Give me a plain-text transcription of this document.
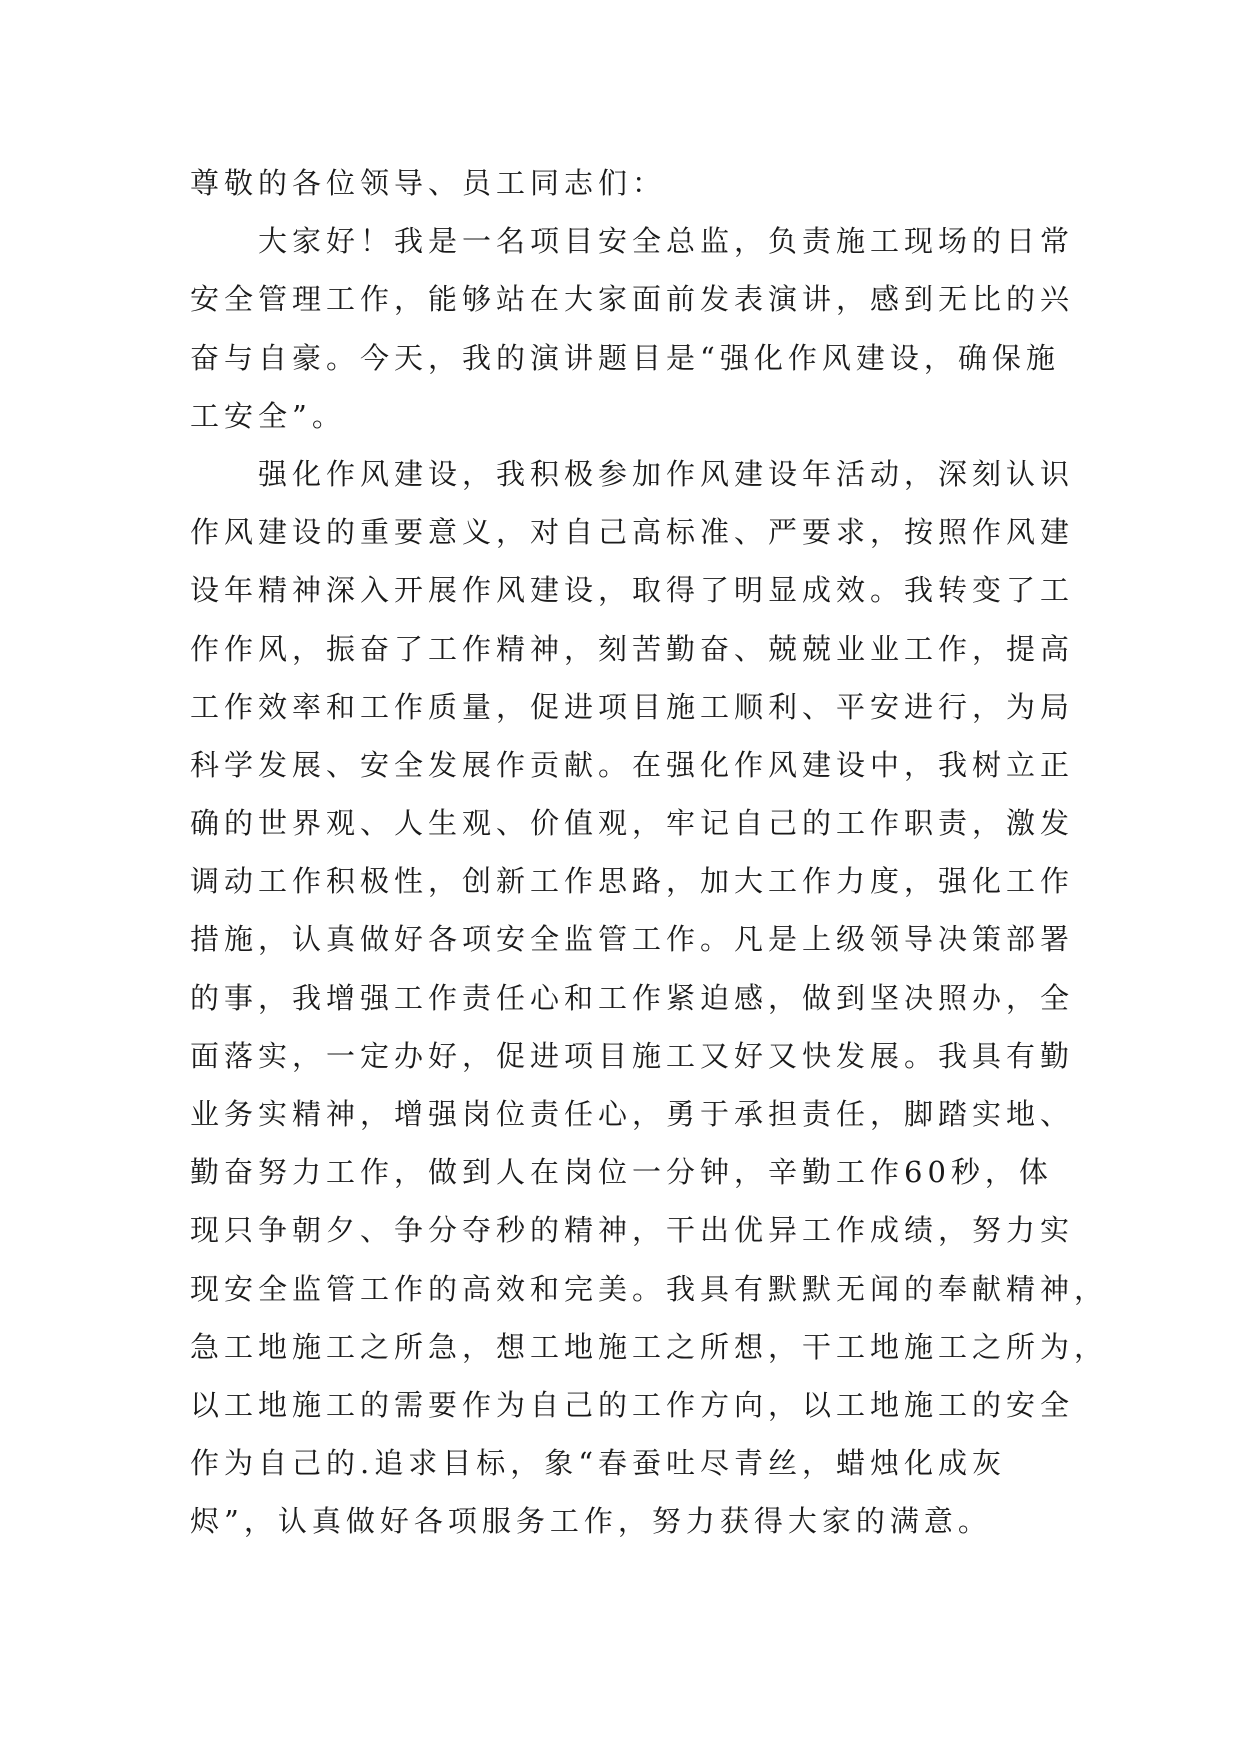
尊敬的各位领导、员工同志们：
　　大家好！我是一名项目安全总监，负责施工现场的日常
安全管理工作，能够站在大家面前发表演讲，感到无比的兴
奋与自豪。今天，我的演讲题目是“强化作风建设，确保施
工安全”。
　　强化作风建设，我积极参加作风建设年活动，深刻认识
作风建设的重要意义，对自己高标准、严要求，按照作风建
设年精神深入开展作风建设，取得了明显成效。我转变了工
作作风，振奋了工作精神，刻苦勤奋、兢兢业业工作，提高
工作效率和工作质量，促进项目施工顺利、平安进行，为局
科学发展、安全发展作贡献。在强化作风建设中，我树立正
确的世界观、人生观、价值观，牢记自己的工作职责，激发
调动工作积极性，创新工作思路，加大工作力度，强化工作
措施，认真做好各项安全监管工作。凡是上级领导决策部署
的事，我增强工作责任心和工作紧迫感，做到坚决照办，全
面落实，一定办好，促进项目施工又好又快发展。我具有勤
业务实精神，增强岗位责任心，勇于承担责任，脚踏实地、
勤奋努力工作，做到人在岗位一分钟，辛勤工作60秒，体
现只争朝夕、争分夺秒的精神，干出优异工作成绩，努力实
现安全监管工作的高效和完美。我具有默默无闻的奉献精神，
急工地施工之所急，想工地施工之所想，干工地施工之所为，
以工地施工的需要作为自己的工作方向，以工地施工的安全
作为自己的.追求目标，象“春蚕吐尽青丝，蜡烛化成灰
烬”，认真做好各项服务工作，努力获得大家的满意。
